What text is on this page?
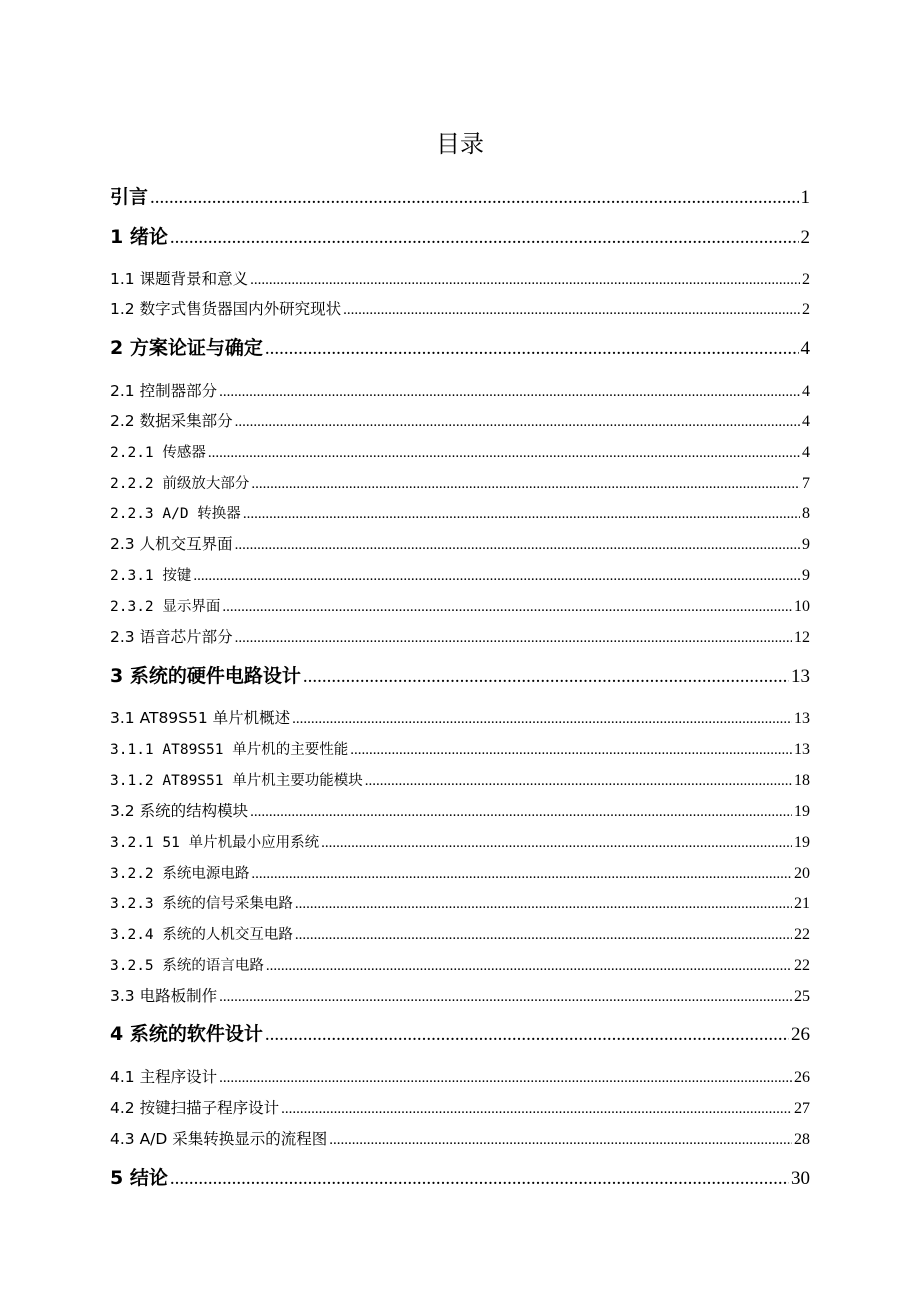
目录
引言 .....	1
1 绪论 .....	2
1.1 课题背景和意义 .....	2
1.2 数字式售货器国内外研究现状 .....	2
2 方案论证与确定 .....	4
2.1 控制器部分 .....	4
2.2 数据采集部分 .....	4
2.2.1 传感器 .....	4
2.2.2 前级放大部分 .....	7
2.2.3 A/D 转换器 .....	8
2.3 人机交互界面 .....	9
2.3.1 按键 .....	9
2.3.2 显示界面 .....	10
2.3 语音芯片部分 .....	12
3 系统的硬件电路设计 .....	13
3.1 AT89S51 单片机概述 .....	13
3.1.1 AT89S51 单片机的主要性能 .....	13
3.1.2 AT89S51 单片机主要功能模块 .....	18
3.2 系统的结构模块 .....	19
3.2.1 51 单片机最小应用系统 .....	19
3.2.2 系统电源电路 .....	20
3.2.3 系统的信号采集电路 .....	21
3.2.4 系统的人机交互电路 .....	22
3.2.5 系统的语言电路 .....	22
3.3 电路板制作 .....	25
4 系统的软件设计 .....	26
4.1 主程序设计 .....	26
4.2 按键扫描子程序设计 .....	27
4.3 A/D 采集转换显示的流程图 .....	28
5 结论 .....	30
